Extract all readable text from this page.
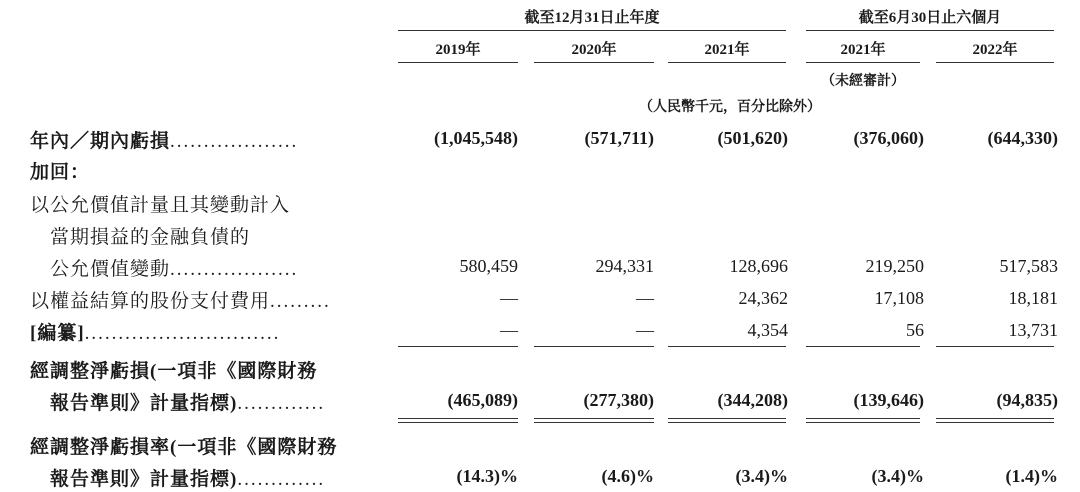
截至12月31日止年度	截至6月30日止六個月
2019年	2020年	2021年	2021年	2022年
（未經審計）
（人民幣千元，百分比除外）
年內／期內虧損...................	(1,045,548)	(571,711)	(501,620)	(376,060)	(644,330)
加回：
以公允價值計量且其變動計入
當期損益的金融負債的
公允價值變動...................	580,459	294,331	128,696	219,250	517,583
以權益結算的股份支付費用.........	—	—	24,362	17,108	18,181
[編纂].............................	—	—	4,354	56	13,731
經調整淨虧損(一項非《國際財務
報告準則》計量指標).............	(465,089)	(277,380)	(344,208)	(139,646)	(94,835)
經調整淨虧損率(一項非《國際財務
報告準則》計量指標).............	(14.3)%	(4.6)%	(3.4)%	(3.4)%	(1.4)%
